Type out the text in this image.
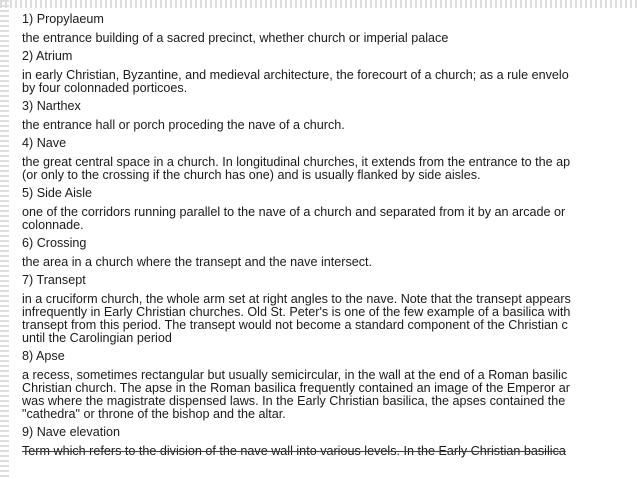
1) Propylaeum
the entrance building of a sacred precinct, whether church or imperial palace
2) Atrium
in early Christian, Byzantine, and medieval architecture, the forecourt of a church; as a rule envelo
by four colonnaded porticoes.
3) Narthex
the entrance hall or porch proceding the nave of a church.
4) Nave
the great central space in a church. In longitudinal churches, it extends from the entrance to the ap
(or only to the crossing if the church has one) and is usually flanked by side aisles.
5) Side Aisle
one of the corridors running parallel to the nave of a church and separated from it by an arcade or
colonnade.
6) Crossing
the area in a church where the transept and the nave intersect.
7) Transept
in a cruciform church, the whole arm set at right angles to the nave. Note that the transept appears
infrequently in Early Christian churches. Old St. Peter's is one of the few example of a basilica with
transept from this period. The transept would not become a standard component of the Christian c
until the Carolingian period
8) Apse
a recess, sometimes rectangular but usually semicircular, in the wall at the end of a Roman basilic
Christian church. The apse in the Roman basilica frequently contained an image of the Emperor ar
was where the magistrate dispensed laws. In the Early Christian basilica, the apses contained the
"cathedra" or throne of the bishop and the altar.
9) Nave elevation
Term which refers to the division of the nave wall into various levels. In the Early Christian basilica
